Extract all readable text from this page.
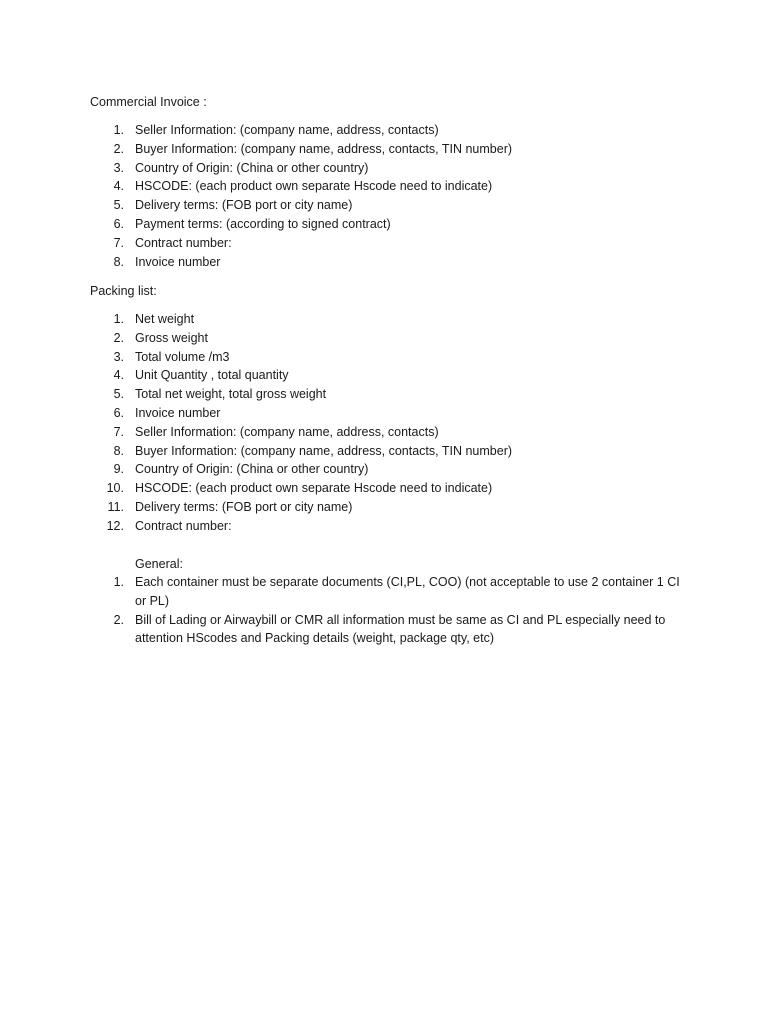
Commercial Invoice :

1. Seller Information: (company name, address, contacts)
2. Buyer Information: (company name, address, contacts, TIN number)
3. Country of Origin: (China or other country)
4. HSCODE: (each product own separate Hscode need to indicate)
5. Delivery terms: (FOB port or city name)
6. Payment terms: (according to signed contract)
7. Contract number:
8. Invoice number

Packing list:

1. Net weight
2. Gross weight
3. Total volume /m3
4. Unit Quantity , total quantity
5. Total net weight, total gross weight
6. Invoice number
7. Seller Information: (company name, address, contacts)
8. Buyer Information: (company name, address, contacts, TIN number)
9. Country of Origin: (China or other country)
10. HSCODE: (each product own separate Hscode need to indicate)
11. Delivery terms: (FOB port or city name)
12. Contract number:

General:

1. Each container must be separate documents (CI,PL, COO) (not acceptable to use 2 container 1 CI or PL)
2. Bill of Lading or Airwaybill or CMR all information must be same as CI and PL especially need to attention HScodes and Packing details (weight, package qty, etc)
